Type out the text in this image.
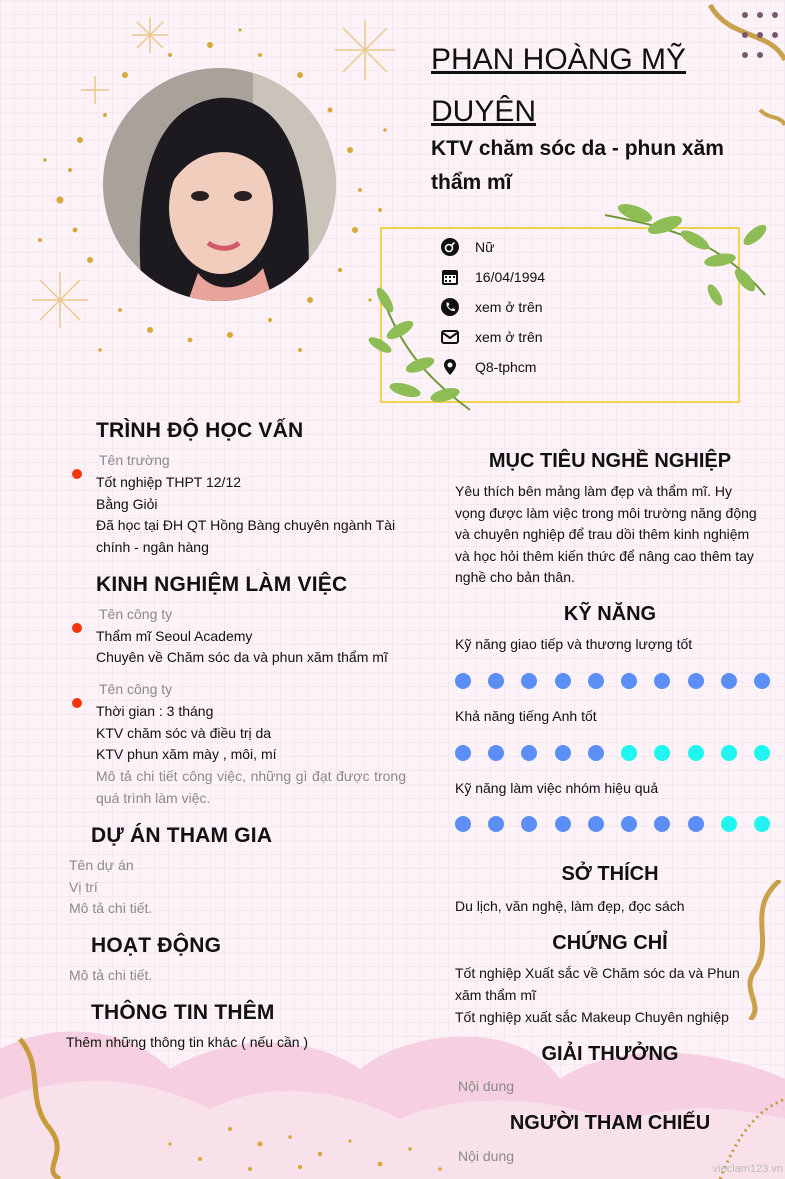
PHAN HOÀNG MỸ DUYÊN
KTV chăm sóc da - phun xăm thẩm mĩ
Nữ
16/04/1994
xem ở trên
xem ở trên
Q8-tphcm
TRÌNH ĐỘ HỌC VẤN
Tên trường
Tốt nghiệp THPT 12/12
Bằng Giỏi
Đã học tại ĐH QT Hồng Bàng chuyên ngành Tài chính - ngân hàng
KINH NGHIỆM LÀM VIỆC
Tên công ty
Thẩm mĩ Seoul Academy
Chuyên về Chăm sóc da và phun xăm thẩm mĩ
Tên công ty
Thời gian : 3 tháng
KTV chăm sóc và điều trị da
KTV phun xăm mày , môi, mí
Mô tả chi tiết công việc, những gì đạt được trong quá trình làm việc.
DỰ ÁN THAM GIA
Tên dự án
Vị trí
Mô tả chi tiết.
HOẠT ĐỘNG
Mô tả chi tiết.
THÔNG TIN THÊM
Thêm những thông tin khác ( nếu cần )
MỤC TIÊU NGHỀ NGHIỆP
Yêu thích bên mảng làm đẹp và thẩm mĩ. Hy vọng được làm việc trong môi trường năng động và chuyên nghiệp để trau dồi thêm kinh nghiệm và học hỏi thêm kiến thức để nâng cao thêm tay nghề cho bản thân.
KỸ NĂNG
Kỹ năng giao tiếp và thương lượng tốt
Khả năng tiếng Anh tốt
Kỹ năng làm việc nhóm hiệu quả
SỞ THÍCH
Du lịch, văn nghệ, làm đẹp, đọc sách
CHỨNG CHỈ
Tốt nghiệp Xuất sắc về Chăm sóc da và Phun xăm thẩm mĩ
Tốt nghiệp xuất sắc Makeup Chuyên nghiệp
GIẢI THƯỞNG
Nội dung
NGƯỜI THAM CHIẾU
Nội dung
vieclam123.vn
